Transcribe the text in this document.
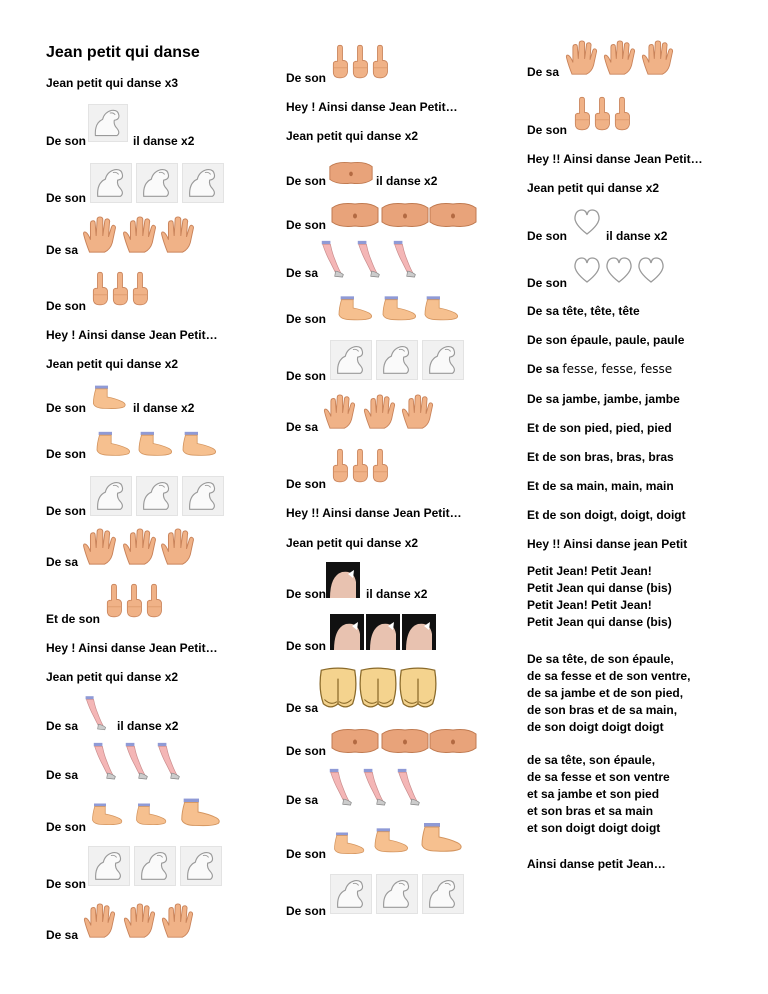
Jean petit qui danse
Jean petit qui danse x3
De son	il danse x2
De son
De sa
De son
Hey ! Ainsi danse Jean Petit…
Jean petit qui danse x2
De son	il danse x2
De son
De son
De sa
Et de son
Hey ! Ainsi danse Jean Petit…
Jean petit qui danse x2
De sa	il danse x2
De sa
De son
De son
De sa
De son
Hey ! Ainsi danse Jean Petit…
Jean petit qui danse x2
De son	il danse x2
De son
De sa
De son
De son
De sa
De son
Hey !! Ainsi danse Jean Petit…
Jean petit qui danse x2
De son	il danse x2
De son
De sa
De son
De sa
De son
De son
De sa
De son
Hey !! Ainsi danse Jean Petit…
Jean petit qui danse x2
De son	il danse x2
De son
De sa tête, tête, tête
De son épaule, paule, paule
De sa fesse, fesse, fesse
De sa jambe, jambe, jambe
Et de son pied, pied, pied
Et de son bras, bras, bras
Et de sa main, main, main
Et de son doigt, doigt, doigt
Hey !! Ainsi danse jean Petit
Petit Jean! Petit Jean!
Petit Jean qui danse (bis)
Petit Jean! Petit Jean!
Petit Jean qui danse (bis)
De sa tête, de son épaule,
de sa fesse et de son ventre,
de sa jambe et de son pied,
de son bras et de sa main,
de son doigt doigt doigt
de sa tête, son épaule,
de sa fesse et son ventre
et sa jambe et son pied
et son bras et sa main
et son doigt doigt doigt
Ainsi danse petit Jean…
